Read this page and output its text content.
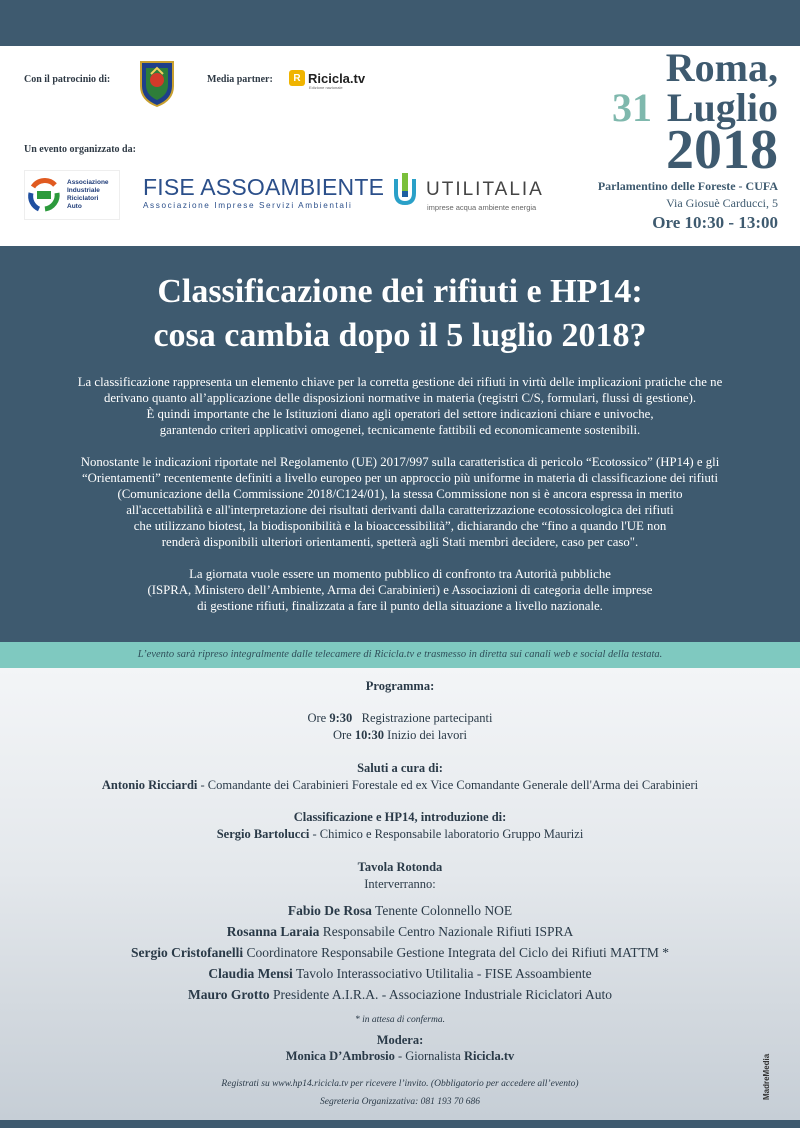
Con il patrocinio di:	Media partner:	R Ricicla.tv
Edizione nazionale
Un evento organizzato da:
Associazione
Industriale
Riciclatori
Auto
FISE ASSOAMBIENTE
Associazione Imprese Servizi Ambientali
UTILITALIA
imprese acqua ambiente energia
Roma,
31 Luglio
2018
Parlamentino delle Foreste - CUFA
Via Giosuè Carducci, 5
Ore 10:30 - 13:00
Classificazione dei rifiuti e HP14:
cosa cambia dopo il 5 luglio 2018?

La classificazione rappresenta un elemento chiave per la corretta gestione dei rifiuti in virtù delle implicazioni pratiche che ne
derivano quanto all’applicazione delle disposizioni normative in materia (registri C/S, formulari, flussi di gestione).
È quindi importante che le Istituzioni diano agli operatori del settore indicazioni chiare e univoche,
garantendo criteri applicativi omogenei, tecnicamente fattibili ed economicamente sostenibili.

Nonostante le indicazioni riportate nel Regolamento (UE) 2017/997 sulla caratteristica di pericolo “Ecotossico” (HP14) e gli
“Orientamenti” recentemente definiti a livello europeo per un approccio più uniforme in materia di classificazione dei rifiuti
(Comunicazione della Commissione 2018/C124/01), la stessa Commissione non si è ancora espressa in merito
all'accettabilità e all'interpretazione dei risultati derivanti dalla caratterizzazione ecotossicologica dei rifiuti
che utilizzano biotest, la biodisponibilità e la bioaccessibilità”, dichiarando che “fino a quando l'UE non
renderà disponibili ulteriori orientamenti, spetterà agli Stati membri decidere, caso per caso".

La giornata vuole essere un momento pubblico di confronto tra Autorità pubbliche
(ISPRA, Ministero dell’Ambiente, Arma dei Carabinieri) e Associazioni di categoria delle imprese
di gestione rifiuti, finalizzata a fare il punto della situazione a livello nazionale.

L’evento sarà ripreso integralmente dalle telecamere di Ricicla.tv e trasmesso in diretta sui canali web e social della testata.
Programma:
Ore 9:30 Registrazione partecipanti
Ore 10:30 Inizio dei lavori
Saluti a cura di:
Antonio Ricciardi - Comandante dei Carabinieri Forestale ed ex Vice Comandante Generale dell'Arma dei Carabinieri
Classificazione e HP14, introduzione di:
Sergio Bartolucci - Chimico e Responsabile laboratorio Gruppo Maurizi
Tavola Rotonda
Interverranno:
Fabio De Rosa Tenente Colonnello NOE
Rosanna Laraia Responsabile Centro Nazionale Rifiuti ISPRA
Sergio Cristofanelli Coordinatore Responsabile Gestione Integrata del Ciclo dei Rifiuti MATTM *
Claudia Mensi Tavolo Interassociativo Utilitalia - FISE Assoambiente
Mauro Grotto Presidente A.I.R.A. - Associazione Industriale Riciclatori Auto
* in attesa di conferma.
Modera:
Monica D’Ambrosio - Giornalista Ricicla.tv
Registrati su www.hp14.ricicla.tv per ricevere l’invito. (Obbligatorio per accedere all’evento)
Segreteria Organizzativa: 081 193 70 686
MadreMedia
